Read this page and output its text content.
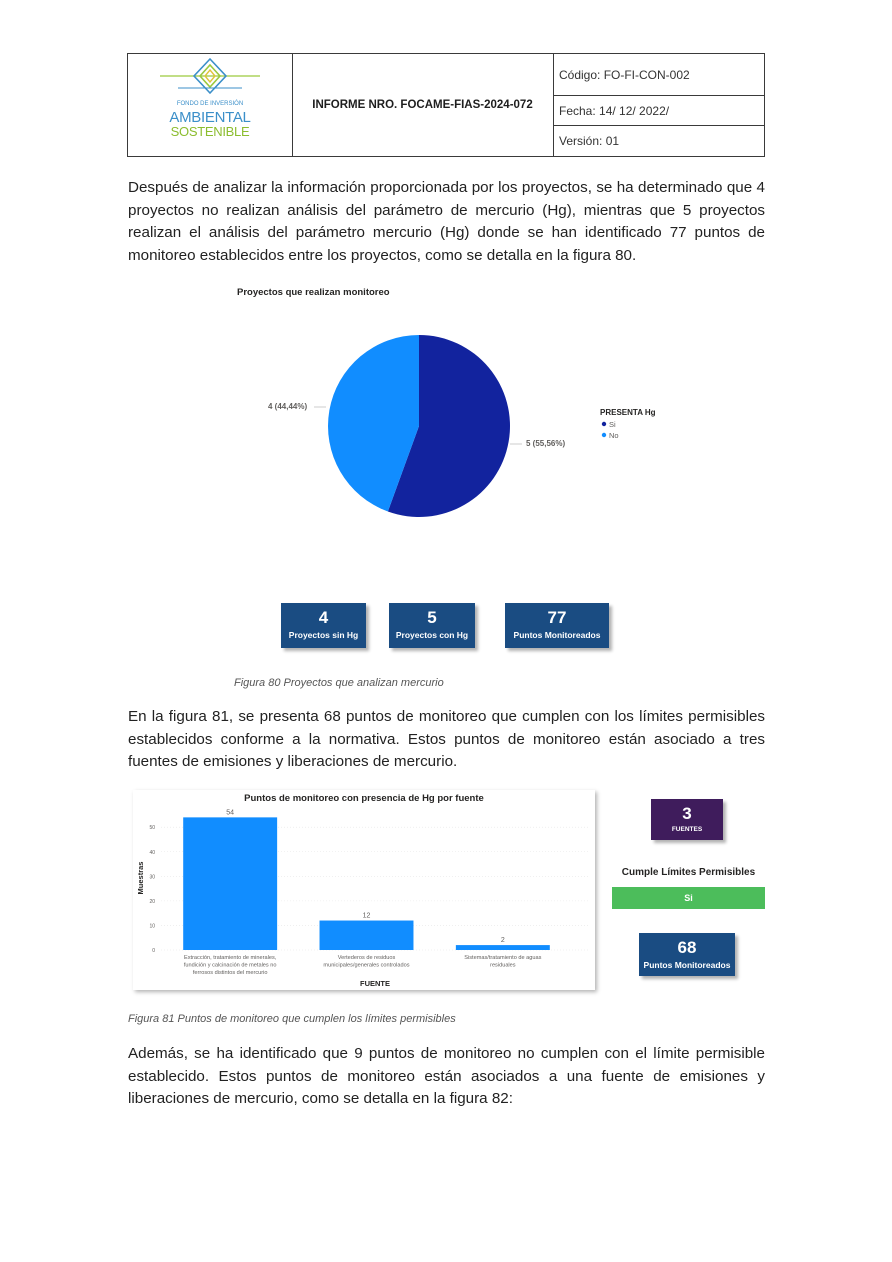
FONDO DE INVERSIÓN
AMBIENTAL
SOSTENIBLE
INFORME NRO. FOCAME-FIAS-2024-072
Código: FO-FI-CON-002
Fecha: 14/ 12/ 2022/
Versión: 01

Después de analizar la información proporcionada por los proyectos, se ha determinado que 4 proyectos no realizan análisis del parámetro de mercurio (Hg), mientras que 5 proyectos realizan el análisis del parámetro mercurio (Hg) donde se han identificado 77 puntos de monitoreo establecidos entre los proyectos, como se detalla en la figura 80.

Proyectos que realizan monitoreo
4 (44,44%)
5 (55,56%)
PRESENTA Hg
Si
No
4
Proyectos sin Hg
5
Proyectos con Hg
77
Puntos Monitoreados
Figura 80 Proyectos que analizan mercurio

En la figura 81, se presenta 68 puntos de monitoreo que cumplen con los límites permisibles establecidos conforme a la normativa. Estos puntos de monitoreo están asociado a tres fuentes de emisiones y liberaciones de mercurio.

Puntos de monitoreo con presencia de Hg por fuente
Muestras
FUENTE
0
10
20
30
40
50
54
12
2
Extracción, tratamiento de minerales,
fundición y calcinación de metales no
ferrosos distintos del mercurio
Vertederos de residuos
municipales/generales controlados
Sistemas/tratamiento de aguas
residuales
3
FUENTES
Cumple Límites Permisibles
Si
68
Puntos Monitoreados
Figura 81 Puntos de monitoreo que cumplen los límites permisibles

Además, se ha identificado que 9 puntos de monitoreo no cumplen con el límite permisible establecido. Estos puntos de monitoreo están asociados a una fuente de emisiones y liberaciones de mercurio, como se detalla en la figura 82:
